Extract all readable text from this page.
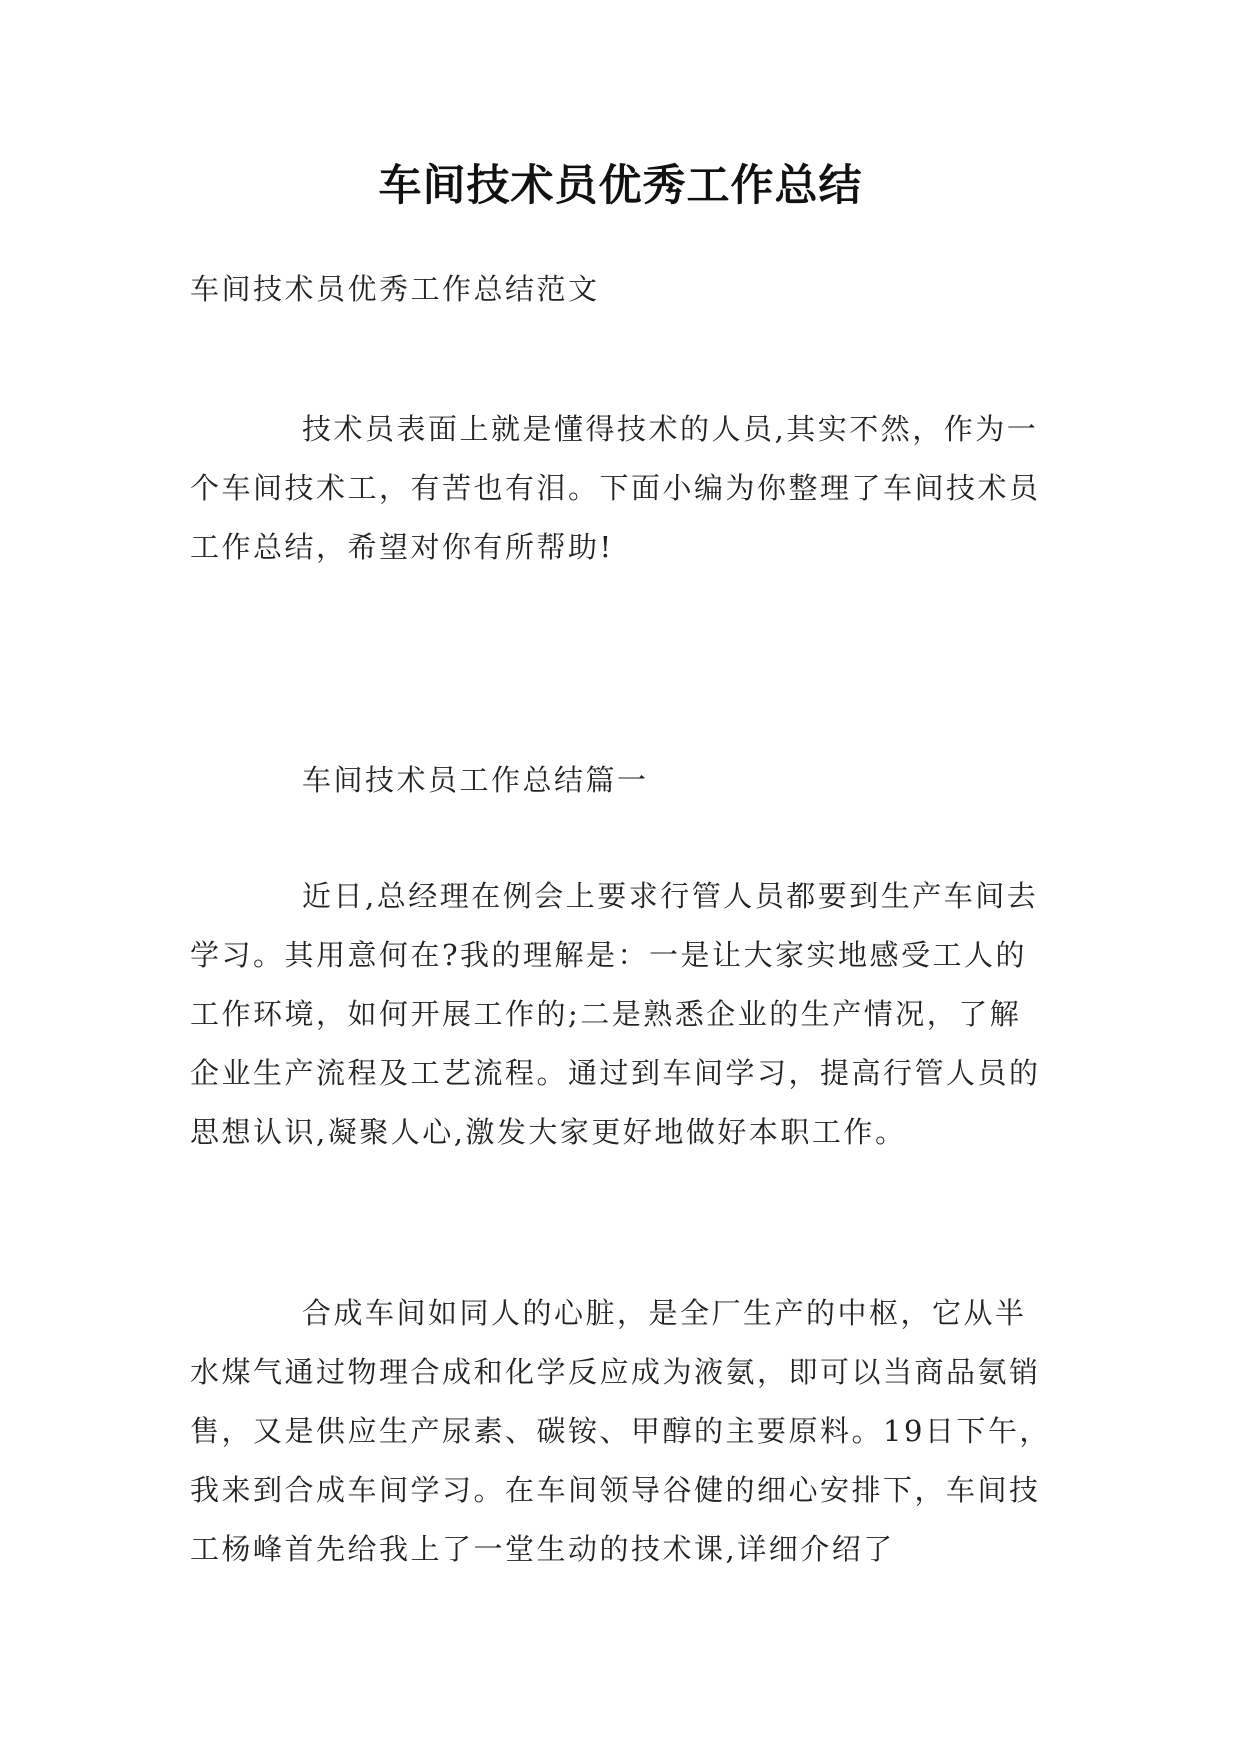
车间技术员优秀工作总结

车间技术员优秀工作总结范文

技术员表面上就是懂得技术的人员,其实不然，作为一个车间技术工，有苦也有泪。下面小编为你整理了车间技术员工作总结，希望对你有所帮助!

车间技术员工作总结篇一

近日,总经理在例会上要求行管人员都要到生产车间去学习。其用意何在?我的理解是：一是让大家实地感受工人的工作环境，如何开展工作的;二是熟悉企业的生产情况，了解企业生产流程及工艺流程。通过到车间学习，提高行管人员的思想认识,凝聚人心,激发大家更好地做好本职工作。

合成车间如同人的心脏，是全厂生产的中枢，它从半水煤气通过物理合成和化学反应成为液氨，即可以当商品氨销售，又是供应生产尿素、碳铵、甲醇的主要原料。19日下午，我来到合成车间学习。在车间领导谷健的细心安排下，车间技工杨峰首先给我上了一堂生动的技术课,详细介绍了
